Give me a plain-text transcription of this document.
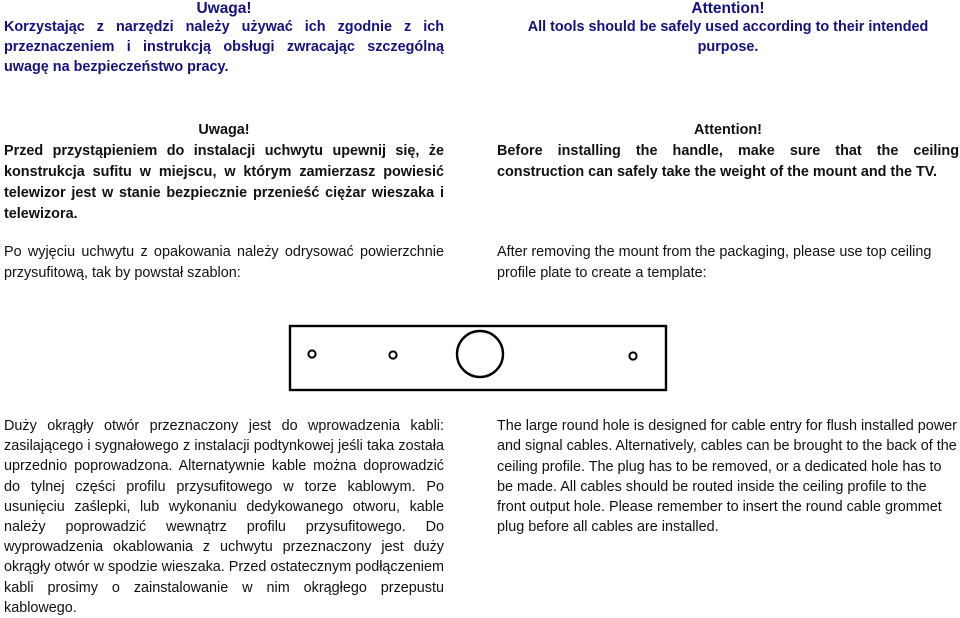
Uwaga!

Korzystając z narzędzi należy używać ich zgodnie z ich przeznaczeniem i instrukcją obsługi zwracając szczególną uwagę na bezpieczeństwo pracy.

Attention!

All tools should be safely used according to their intended purpose.

Uwaga!

Przed przystąpieniem do instalacji uchwytu upewnij się, że konstrukcja sufitu w miejscu, w którym zamierzasz powiesić telewizor jest w stanie bezpiecznie przenieść ciężar wieszaka i telewizora.

Attention!

Before installing the handle, make sure that the ceiling construction can safely take the weight of the mount and the TV.

Po wyjęciu uchwytu z opakowania należy odrysować powierzchnie przysufitową, tak by powstał szablon:

After removing the mount from the packaging, please use top ceiling profile plate to create a template:

Duży okrągły otwór przeznaczony jest do wprowadzenia kabli: zasilającego i sygnałowego z instalacji podtynkowej jeśli taka została uprzednio poprowadzona. Alternatywnie kable można doprowadzić do tylnej części profilu przysufitowego w torze kablowym. Po usunięciu zaślepki, lub wykonaniu dedykowanego otworu, kable należy poprowadzić wewnątrz profilu przysufitowego. Do wyprowadzenia okablowania z uchwytu przeznaczony jest duży okrągły otwór w spodzie wieszaka. Przed ostatecznym podłączeniem kabli prosimy o zainstalowanie w nim okrągłego przepustu kablowego.

The large round hole is designed for cable entry for flush installed power and signal cables. Alternatively, cables can be brought to the back of the ceiling profile. The plug has to be removed, or a dedicated hole has to be made. All cables should be routed inside the ceiling profile to the front output hole. Please remember to insert the round cable grommet plug before all cables are installed.
